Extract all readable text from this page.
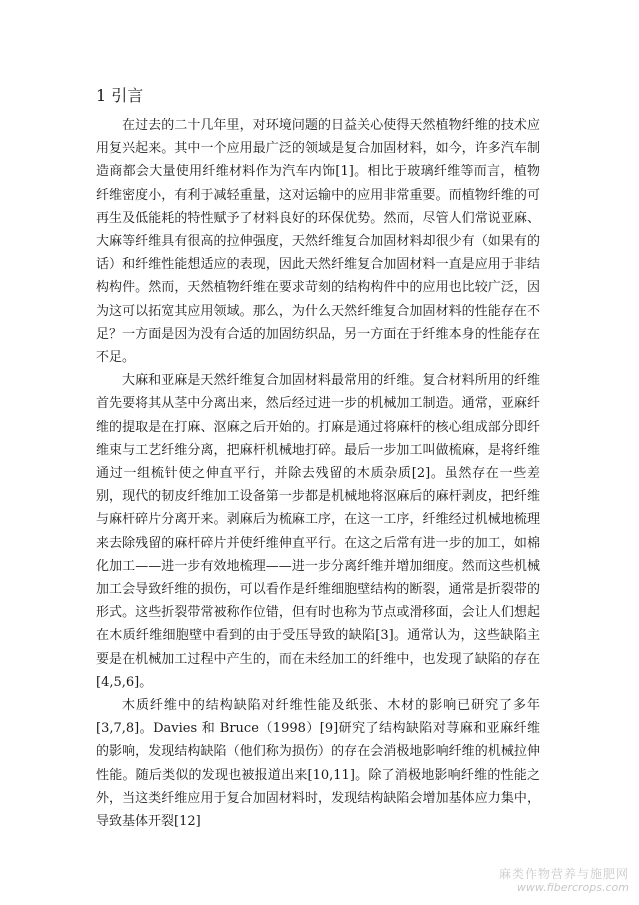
1 引言

在过去的二十几年里，对环境问题的日益关心使得天然植物纤维的技术应用复兴起来。其中一个应用最广泛的领域是复合加固材料，如今，许多汽车制造商都会大量使用纤维材料作为汽车内饰[1]。相比于玻璃纤维等而言，植物纤维密度小，有利于减轻重量，这对运输中的应用非常重要。而植物纤维的可再生及低能耗的特性赋予了材料良好的环保优势。然而，尽管人们常说亚麻、大麻等纤维具有很高的拉伸强度，天然纤维复合加固材料却很少有（如果有的话）和纤维性能想适应的表现，因此天然纤维复合加固材料一直是应用于非结构构件。然而，天然植物纤维在要求苛刻的结构构件中的应用也比较广泛，因为这可以拓宽其应用领域。那么，为什么天然纤维复合加固材料的性能存在不足？一方面是因为没有合适的加固纺织品，另一方面在于纤维本身的性能存在不足。

大麻和亚麻是天然纤维复合加固材料最常用的纤维。复合材料所用的纤维首先要将其从茎中分离出来，然后经过进一步的机械加工制造。通常，亚麻纤维的提取是在打麻、沤麻之后开始的。打麻是通过将麻杆的核心组成部分即纤维束与工艺纤维分离，把麻杆机械地打碎。最后一步加工叫做梳麻，是将纤维通过一组梳针使之伸直平行，并除去残留的木质杂质[2]。虽然存在一些差别，现代的韧皮纤维加工设备第一步都是机械地将沤麻后的麻杆剥皮，把纤维与麻杆碎片分离开来。剥麻后为梳麻工序，在这一工序，纤维经过机械地梳理来去除残留的麻杆碎片并使纤维伸直平行。在这之后常有进一步的加工，如棉化加工——进一步有效地梳理——进一步分离纤维并增加细度。然而这些机械加工会导致纤维的损伤，可以看作是纤维细胞壁结构的断裂，通常是折裂带的形式。这些折裂带常被称作位错，但有时也称为节点或滑移面，会让人们想起在木质纤维细胞壁中看到的由于受压导致的缺陷[3]。通常认为，这些缺陷主要是在机械加工过程中产生的，而在未经加工的纤维中，也发现了缺陷的存在[4,5,6]。

木质纤维中的结构缺陷对纤维性能及纸张、木材的影响已研究了多年[3,7,8]。Davies 和 Bruce（1998）[9]研究了结构缺陷对荨麻和亚麻纤维的影响，发现结构缺陷（他们称为损伤）的存在会消极地影响纤维的机械拉伸性能。随后类似的发现也被报道出来[10,11]。除了消极地影响纤维的性能之外，当这类纤维应用于复合加固材料时，发现结构缺陷会增加基体应力集中，导致基体开裂[12]

麻类作物营养与施肥网
www.fibercrops.com
